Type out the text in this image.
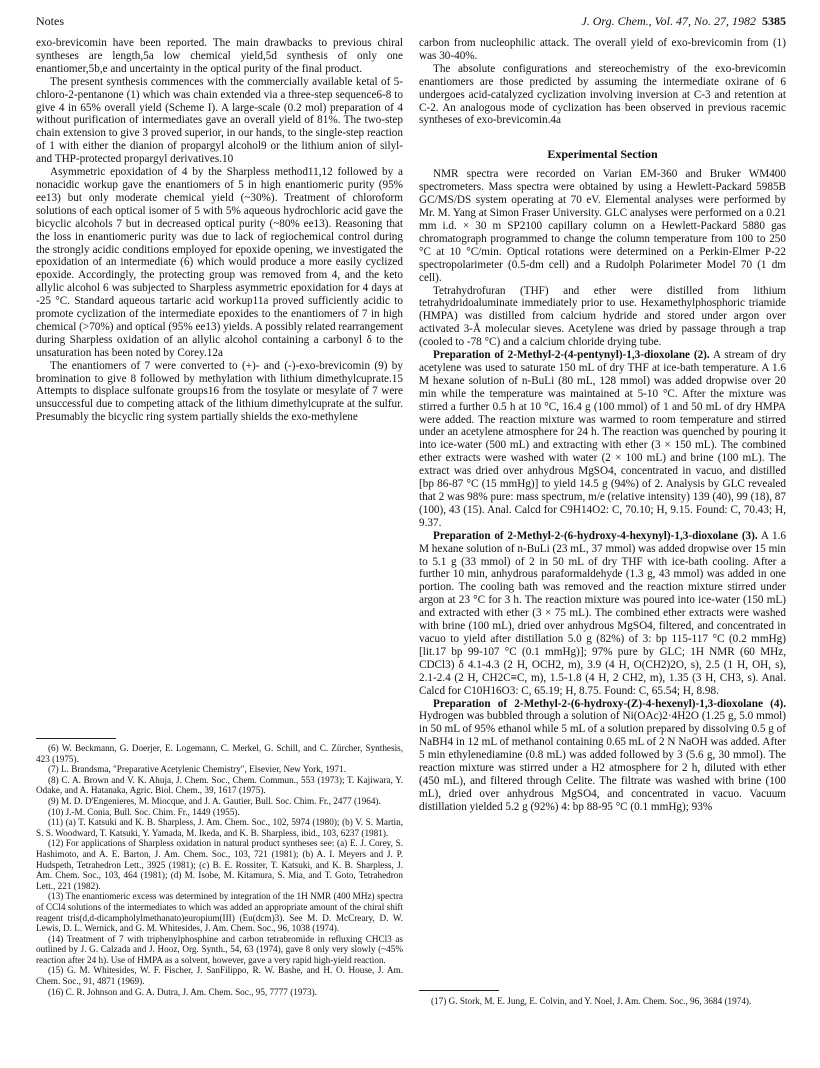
Notes	J. Org. Chem., Vol. 47, No. 27, 1982 5385

exo-brevicomin have been reported. The main drawbacks to previous chiral syntheses are length,5a low chemical yield,5d synthesis of only one enantiomer,5b,e and uncertainty in the optical purity of the final product.

The present synthesis commences with the commercially available ketal of 5-chloro-2-pentanone (1) which was chain extended via a three-step sequence6-8 to give 4 in 65% overall yield (Scheme I). A large-scale (0.2 mol) preparation of 4 without purification of intermediates gave an overall yield of 81%. The two-step chain extension to give 3 proved superior, in our hands, to the single-step reaction of 1 with either the dianion of propargyl alcohol9 or the lithium anion of silyl- and THP-protected propargyl derivatives.10

Asymmetric epoxidation of 4 by the Sharpless method11,12 followed by a nonacidic workup gave the enantiomers of 5 in high enantiomeric purity (95% ee13) but only moderate chemical yield (~30%). Treatment of chloroform solutions of each optical isomer of 5 with 5% aqueous hydrochloric acid gave the bicyclic alcohols 7 but in decreased optical purity (~80% ee13). Reasoning that the loss in enantiomeric purity was due to lack of regiochemical control during the strongly acidic conditions employed for epoxide opening, we investigated the epoxidation of an intermediate (6) which would produce a more easily cyclized epoxide. Accordingly, the protecting group was removed from 4, and the keto allylic alcohol 6 was subjected to Sharpless asymmetric epoxidation for 4 days at -25 °C. Standard aqueous tartaric acid workup11a proved sufficiently acidic to promote cyclization of the intermediate epoxides to the enantiomers of 7 in high chemical (>70%) and optical (95% ee13) yields. A possibly related rearrangement during Sharpless oxidation of an allylic alcohol containing a carbonyl δ to the unsaturation has been noted by Corey.12a

The enantiomers of 7 were converted to (+)- and (-)-exo-brevicomin (9) by bromination to give 8 followed by methylation with lithium dimethylcuprate.15 Attempts to displace sulfonate groups16 from the tosylate or mesylate of 7 were unsuccessful due to competing attack of the lithium dimethylcuprate at the sulfur. Presumably the bicyclic ring system partially shields the exo-methylene

(6) W. Beckmann, G. Doerjer, E. Logemann, C. Merkel, G. Schill, and C. Zürcher, Synthesis, 423 (1975).

(7) L. Brandsma, "Preparative Acetylenic Chemistry", Elsevier, New York, 1971.

(8) C. A. Brown and V. K. Ahuja, J. Chem. Soc., Chem. Commun., 553 (1973); T. Kajiwara, Y. Odake, and A. Hatanaka, Agric. Biol. Chem., 39, 1617 (1975).

(9) M. D. D'Engenieres, M. Miocque, and J. A. Gautier, Bull. Soc. Chim. Fr., 2477 (1964).

(10) J.-M. Conia, Bull. Soc. Chim. Fr., 1449 (1955).

(11) (a) T. Katsuki and K. B. Sharpless, J. Am. Chem. Soc., 102, 5974 (1980); (b) V. S. Martin, S. S. Woodward, T. Katsuki, Y. Yamada, M. Ikeda, and K. B. Sharpless, ibid., 103, 6237 (1981).

(12) For applications of Sharpless oxidation in natural product syntheses see: (a) E. J. Corey, S. Hashimoto, and A. E. Barton, J. Am. Chem. Soc., 103, 721 (1981); (b) A. I. Meyers and J. P. Hudspeth, Tetrahedron Lett., 3925 (1981); (c) B. E. Rossiter, T. Katsuki, and K. B. Sharpless, J. Am. Chem. Soc., 103, 464 (1981); (d) M. Isobe, M. Kitamura, S. Mia, and T. Goto, Tetrahedron Lett., 221 (1982).

(13) The enantiomeric excess was determined by integration of the 1H NMR (400 MHz) spectra of CCl4 solutions of the intermediates to which was added an appropriate amount of the chiral shift reagent tris(d,d-dicampholylmethanato)europium(III) (Eu(dcm)3). See M. D. McCreary, D. W. Lewis, D. L. Wernick, and G. M. Whitesides, J. Am. Chem. Soc., 96, 1038 (1974).

(14) Treatment of 7 with triphenylphosphine and carbon tetrabromide in refluxing CHCl3 as outlined by J. G. Calzada and J. Hooz, Org. Synth., 54, 63 (1974), gave 8 only very slowly (~45% reaction after 24 h). Use of HMPA as a solvent, however, gave a very rapid high-yield reaction.

(15) G. M. Whitesides, W. F. Fischer, J. SanFilippo, R. W. Bashe, and H. O. House, J. Am. Chem. Soc., 91, 4871 (1969).

(16) C. R. Johnson and G. A. Dutra, J. Am. Chem. Soc., 95, 7777 (1973).

carbon from nucleophilic attack. The overall yield of exo-brevicomin from (1) was 30-40%.

The absolute configurations and stereochemistry of the exo-brevicomin enantiomers are those predicted by assuming the intermediate oxirane of 6 undergoes acid-catalyzed cyclization involving inversion at C-3 and retention at C-2. An analogous mode of cyclization has been observed in previous racemic syntheses of exo-brevicomin.4a

Experimental Section

NMR spectra were recorded on Varian EM-360 and Bruker WM400 spectrometers. Mass spectra were obtained by using a Hewlett-Packard 5985B GC/MS/DS system operating at 70 eV. Elemental analyses were performed by Mr. M. Yang at Simon Fraser University. GLC analyses were performed on a 0.21 mm i.d. × 30 m SP2100 capillary column on a Hewlett-Packard 5880 gas chromatograph programmed to change the column temperature from 100 to 250 °C at 10 °C/min. Optical rotations were determined on a Perkin-Elmer P-22 spectropolarimeter (0.5-dm cell) and a Rudolph Polarimeter Model 70 (1 dm cell).

Tetrahydrofuran (THF) and ether were distilled from lithium tetrahydridoaluminate immediately prior to use. Hexamethylphosphoric triamide (HMPA) was distilled from calcium hydride and stored under argon over activated 3-Å molecular sieves. Acetylene was dried by passage through a trap (cooled to -78 °C) and a calcium chloride drying tube.

Preparation of 2-Methyl-2-(4-pentynyl)-1,3-dioxolane (2). A stream of dry acetylene was used to saturate 150 mL of dry THF at ice-bath temperature. A 1.6 M hexane solution of n-BuLi (80 mL, 128 mmol) was added dropwise over 20 min while the temperature was maintained at 5-10 °C. After the mixture was stirred a further 0.5 h at 10 °C, 16.4 g (100 mmol) of 1 and 50 mL of dry HMPA were added. The reaction mixture was warmed to room temperature and stirred under an acetylene atmosphere for 24 h. The reaction was quenched by pouring it into ice-water (500 mL) and extracting with ether (3 × 150 mL). The combined ether extracts were washed with water (2 × 100 mL) and brine (100 mL). The extract was dried over anhydrous MgSO4, concentrated in vacuo, and distilled [bp 86-87 °C (15 mmHg)] to yield 14.5 g (94%) of 2. Analysis by GLC revealed that 2 was 98% pure: mass spectrum, m/e (relative intensity) 139 (40), 99 (18), 87 (100), 43 (15). Anal. Calcd for C9H14O2: C, 70.10; H, 9.15. Found: C, 70.43; H, 9.37.

Preparation of 2-Methyl-2-(6-hydroxy-4-hexynyl)-1,3-dioxolane (3). A 1.6 M hexane solution of n-BuLi (23 mL, 37 mmol) was added dropwise over 15 min to 5.1 g (33 mmol) of 2 in 50 mL of dry THF with ice-bath cooling. After a further 10 min, anhydrous paraformaldehyde (1.3 g, 43 mmol) was added in one portion. The cooling bath was removed and the reaction mixture stirred under argon at 23 °C for 3 h. The reaction mixture was poured into ice-water (150 mL) and extracted with ether (3 × 75 mL). The combined ether extracts were washed with brine (100 mL), dried over anhydrous MgSO4, filtered, and concentrated in vacuo to yield after distillation 5.0 g (82%) of 3: bp 115-117 °C (0.2 mmHg) [lit.17 bp 99-107 °C (0.1 mmHg)]; 97% pure by GLC; 1H NMR (60 MHz, CDCl3) δ 4.1-4.3 (2 H, OCH2, m), 3.9 (4 H, O(CH2)2O, s), 2.5 (1 H, OH, s), 2.1-2.4 (2 H, CH2C≡C, m), 1.5-1.8 (4 H, 2 CH2, m), 1.35 (3 H, CH3, s). Anal. Calcd for C10H16O3: C, 65.19; H, 8.75. Found: C, 65.54; H, 8.98.

Preparation of 2-Methyl-2-(6-hydroxy-(Z)-4-hexenyl)-1,3-dioxolane (4). Hydrogen was bubbled through a solution of Ni(OAc)2·4H2O (1.25 g, 5.0 mmol) in 50 mL of 95% ethanol while 5 mL of a solution prepared by dissolving 0.5 g of NaBH4 in 12 mL of methanol containing 0.65 mL of 2 N NaOH was added. After 5 min ethylenediamine (0.8 mL) was added followed by 3 (5.6 g, 30 mmol). The reaction mixture was stirred under a H2 atmosphere for 2 h, diluted with ether (450 mL), and filtered through Celite. The filtrate was washed with brine (100 mL), dried over anhydrous MgSO4, and concentrated in vacuo. Vacuum distillation yielded 5.2 g (92%) 4: bp 88-95 °C (0.1 mmHg); 93%

(17) G. Stork, M. E. Jung, E. Colvin, and Y. Noel, J. Am. Chem. Soc., 96, 3684 (1974).
